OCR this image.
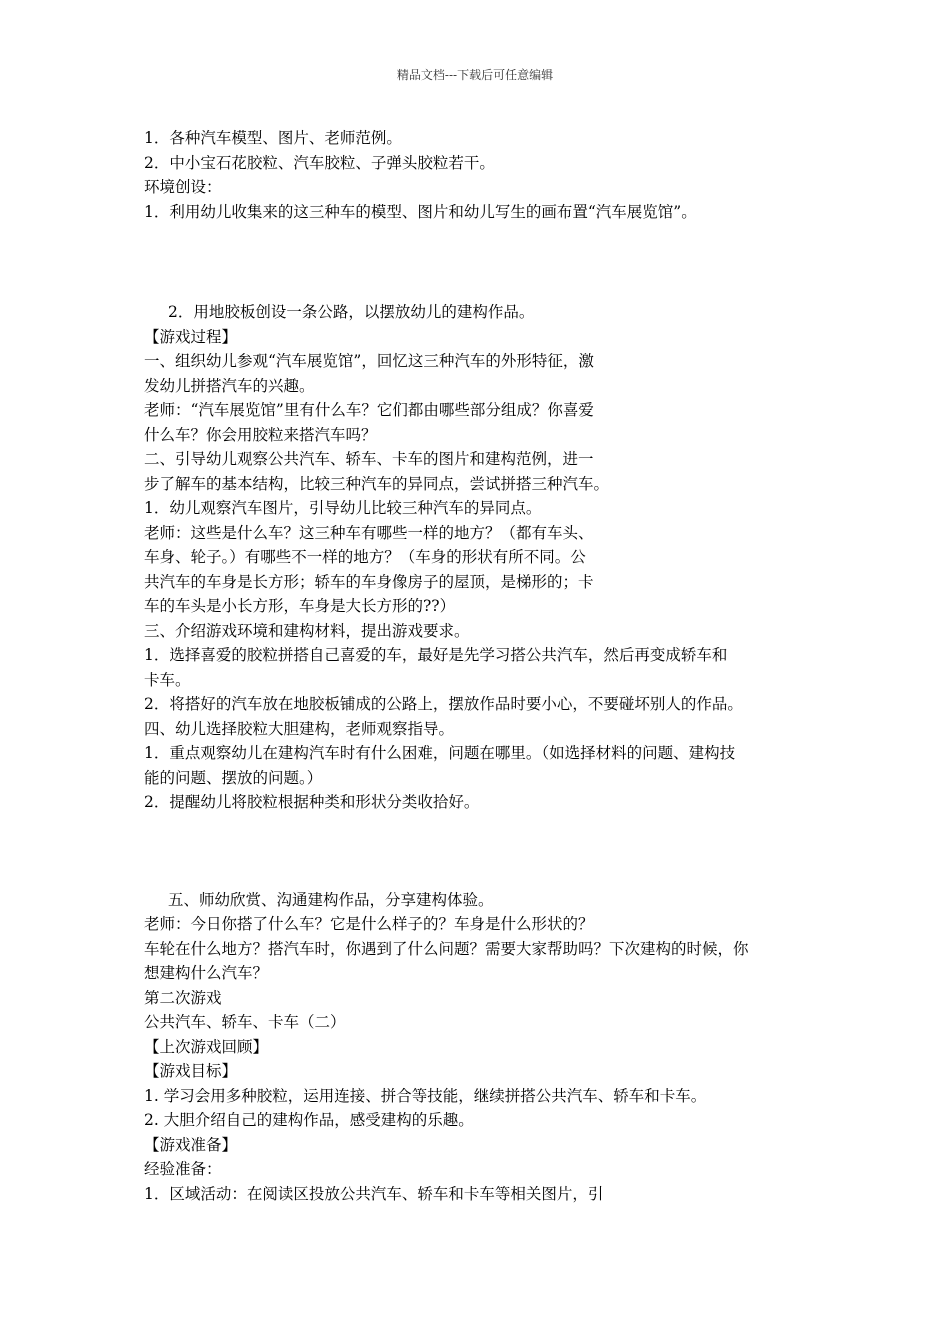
精品文档---下载后可任意编辑
1．各种汽车模型、图片、老师范例。
2．中小宝石花胶粒、汽车胶粒、子弹头胶粒若干。
环境创设：
1．利用幼儿收集来的这三种车的模型、图片和幼儿写生的画布置“汽车展览馆”。
2．用地胶板创设一条公路，以摆放幼儿的建构作品。
【游戏过程】
一、组织幼儿参观“汽车展览馆”，回忆这三种汽车的外形特征，激
发幼儿拼搭汽车的兴趣。
老师：“汽车展览馆”里有什么车？它们都由哪些部分组成？你喜爱
什么车？你会用胶粒来搭汽车吗？
二、引导幼儿观察公共汽车、轿车、卡车的图片和建构范例，进一
步了解车的基本结构，比较三种汽车的异同点，尝试拼搭三种汽车。
1．幼儿观察汽车图片，引导幼儿比较三种汽车的异同点。
老师：这些是什么车？这三种车有哪些一样的地方？（都有车头、
车身、轮子。）有哪些不一样的地方？（车身的形状有所不同。公
共汽车的车身是长方形；轿车的车身像房子的屋顶，是梯形的；卡
车的车头是小长方形，车身是大长方形的??）
三、介绍游戏环境和建构材料，提出游戏要求。
1．选择喜爱的胶粒拼搭自己喜爱的车，最好是先学习搭公共汽车，然后再变成轿车和
卡车。
2．将搭好的汽车放在地胶板铺成的公路上，摆放作品时要小心，不要碰坏别人的作品。
四、幼儿选择胶粒大胆建构，老师观察指导。
1．重点观察幼儿在建构汽车时有什么困难，问题在哪里。（如选择材料的问题、建构技
能的问题、摆放的问题。）
2．提醒幼儿将胶粒根据种类和形状分类收拾好。
五、师幼欣赏、沟通建构作品，分享建构体验。
老师：今日你搭了什么车？它是什么样子的？车身是什么形状的？
车轮在什么地方？搭汽车时，你遇到了什么问题？需要大家帮助吗？下次建构的时候，你
想建构什么汽车？
第二次游戏
公共汽车、轿车、卡车（二）
【上次游戏回顾】
【游戏目标】
1. 学习会用多种胶粒，运用连接、拼合等技能，继续拼搭公共汽车、轿车和卡车。
2. 大胆介绍自己的建构作品，感受建构的乐趣。
【游戏准备】
经验准备：
1．区域活动：在阅读区投放公共汽车、轿车和卡车等相关图片，引
